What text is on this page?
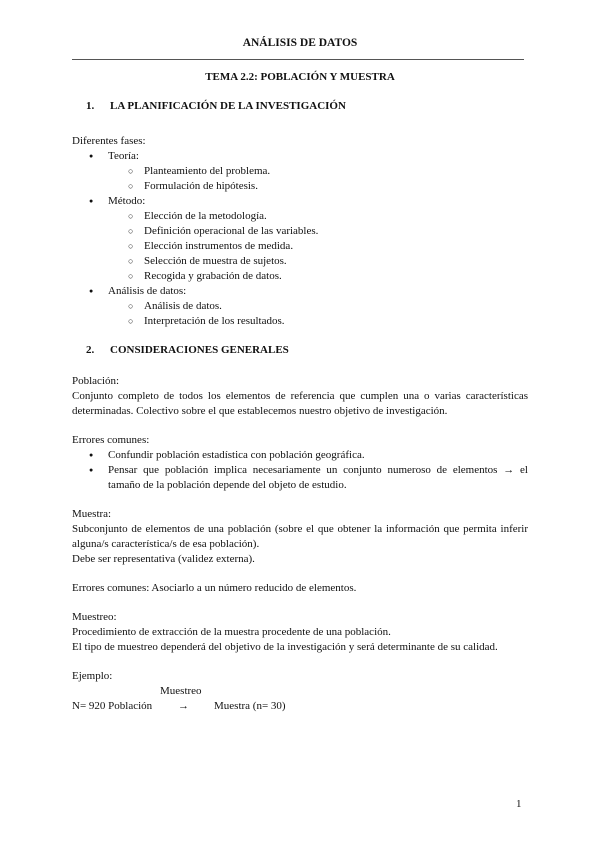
ANÁLISIS DE DATOS
TEMA 2.2: POBLACIÓN Y MUESTRA
1.	LA PLANIFICACIÓN DE LA INVESTIGACIÓN

Diferentes fases:

● Teoría:
○ Planteamiento del problema.
○ Formulación de hipótesis.
● Método:
○ Elección de la metodología.
○ Definición operacional de las variables.
○ Elección instrumentos de medida.
○ Selección de muestra de sujetos.
○ Recogida y grabación de datos.
● Análisis de datos:
○ Análisis de datos.
○ Interpretación de los resultados.
2.	CONSIDERACIONES GENERALES

Población:

Conjunto completo de todos los elementos de referencia que cumplen una o varias características determinadas. Colectivo sobre el que establecemos nuestro objetivo de investigación.

Errores comunes:

● Confundir población estadística con población geográfica.
● Pensar que población implica necesariamente un conjunto numeroso de elementos → el tamaño de la población depende del objeto de estudio.

Muestra:

Subconjunto de elementos de una población (sobre el que obtener la información que permita inferir alguna/s característica/s de esa población).

Debe ser representativa (validez externa).

Errores comunes: Asociarlo a un número reducido de elementos.

Muestreo:

Procedimiento de extracción de la muestra procedente de una población.

El tipo de muestreo dependerá del objetivo de la investigación y será determinante de su calidad.

Ejemplo:

Muestreo
N= 920 Población → Muestra (n= 30)
1
